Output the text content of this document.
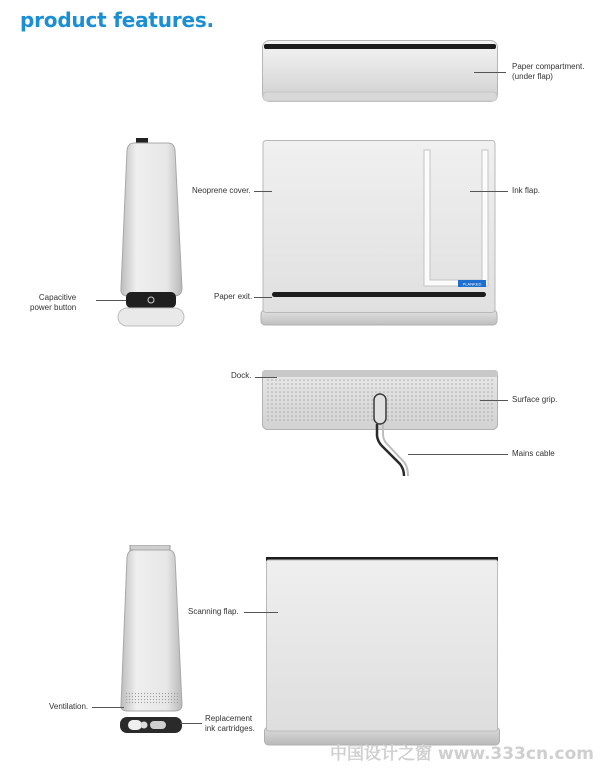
product features.
Paper compartment.
(under flap)
Capacitive
power button
PLANKED
Neoprene cover.	Ink flap.
Paper exit.
Dock.
Surface grip.
Mains cable
Ventilation.
Replacement
ink cartridges.
Scanning flap.
中国设计之窗 www.333cn.com
